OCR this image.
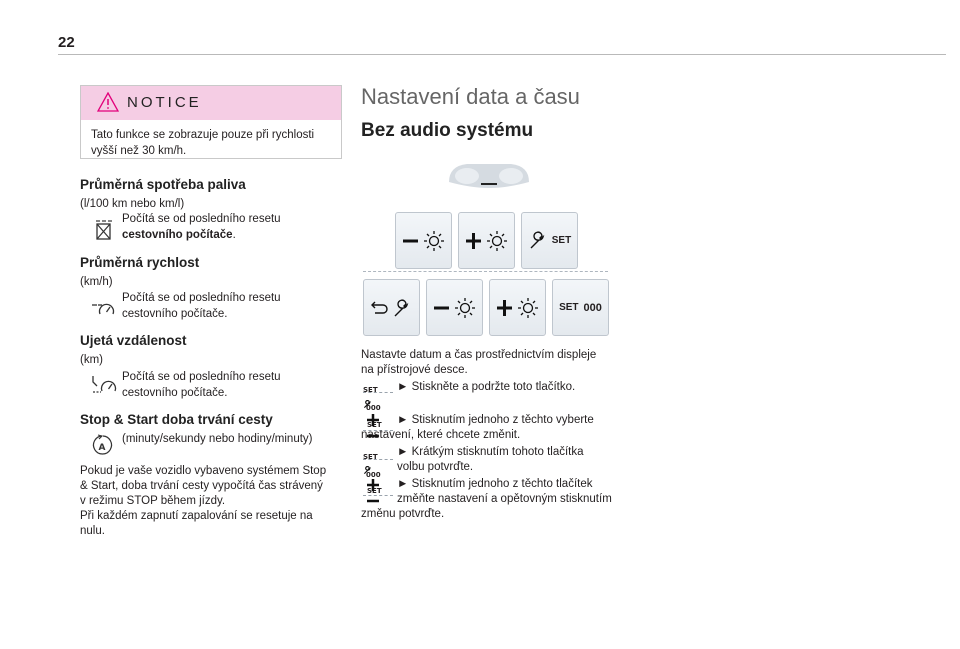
22
NOTICE
Tato funkce se zobrazuje pouze při rychlosti vyšší než 30 km/h.
Průměrná spotřeba paliva
(l/100 km nebo km/l)
Počítá se od posledního resetu
cestovního počítače.
Průměrná rychlost
(km/h)
Počítá se od posledního resetu
cestovního počítače.
Ujetá vzdálenost
(km)
Počítá se od posledního resetu
cestovního počítače.
Stop & Start doba trvání cesty
A
(minuty/sekundy nebo hodiny/minuty)
Pokud je vaše vozidlo vybaveno systémem Stop
& Start, doba trvání cesty vypočítá čas strávený
v režimu STOP během jízdy.
Při každém zapnutí zapalování se resetuje na
nulu.
Nastavení data a času
Bez audio systému
SET
SET 000
Nastavte datum a čas prostřednictvím displeje
na přístrojové desce.
SET 000
SET
► Stiskněte a podržte toto tlačítko.
► Stisknutím jednoho z těchto vyberte
nastavení, které chcete změnit.
SET 000
SET
► Krátkým stisknutím tohoto tlačítka
volbu potvrďte.
► Stisknutím jednoho z těchto tlačítek
změňte nastavení a opětovným stisknutím
změnu potvrďte.
